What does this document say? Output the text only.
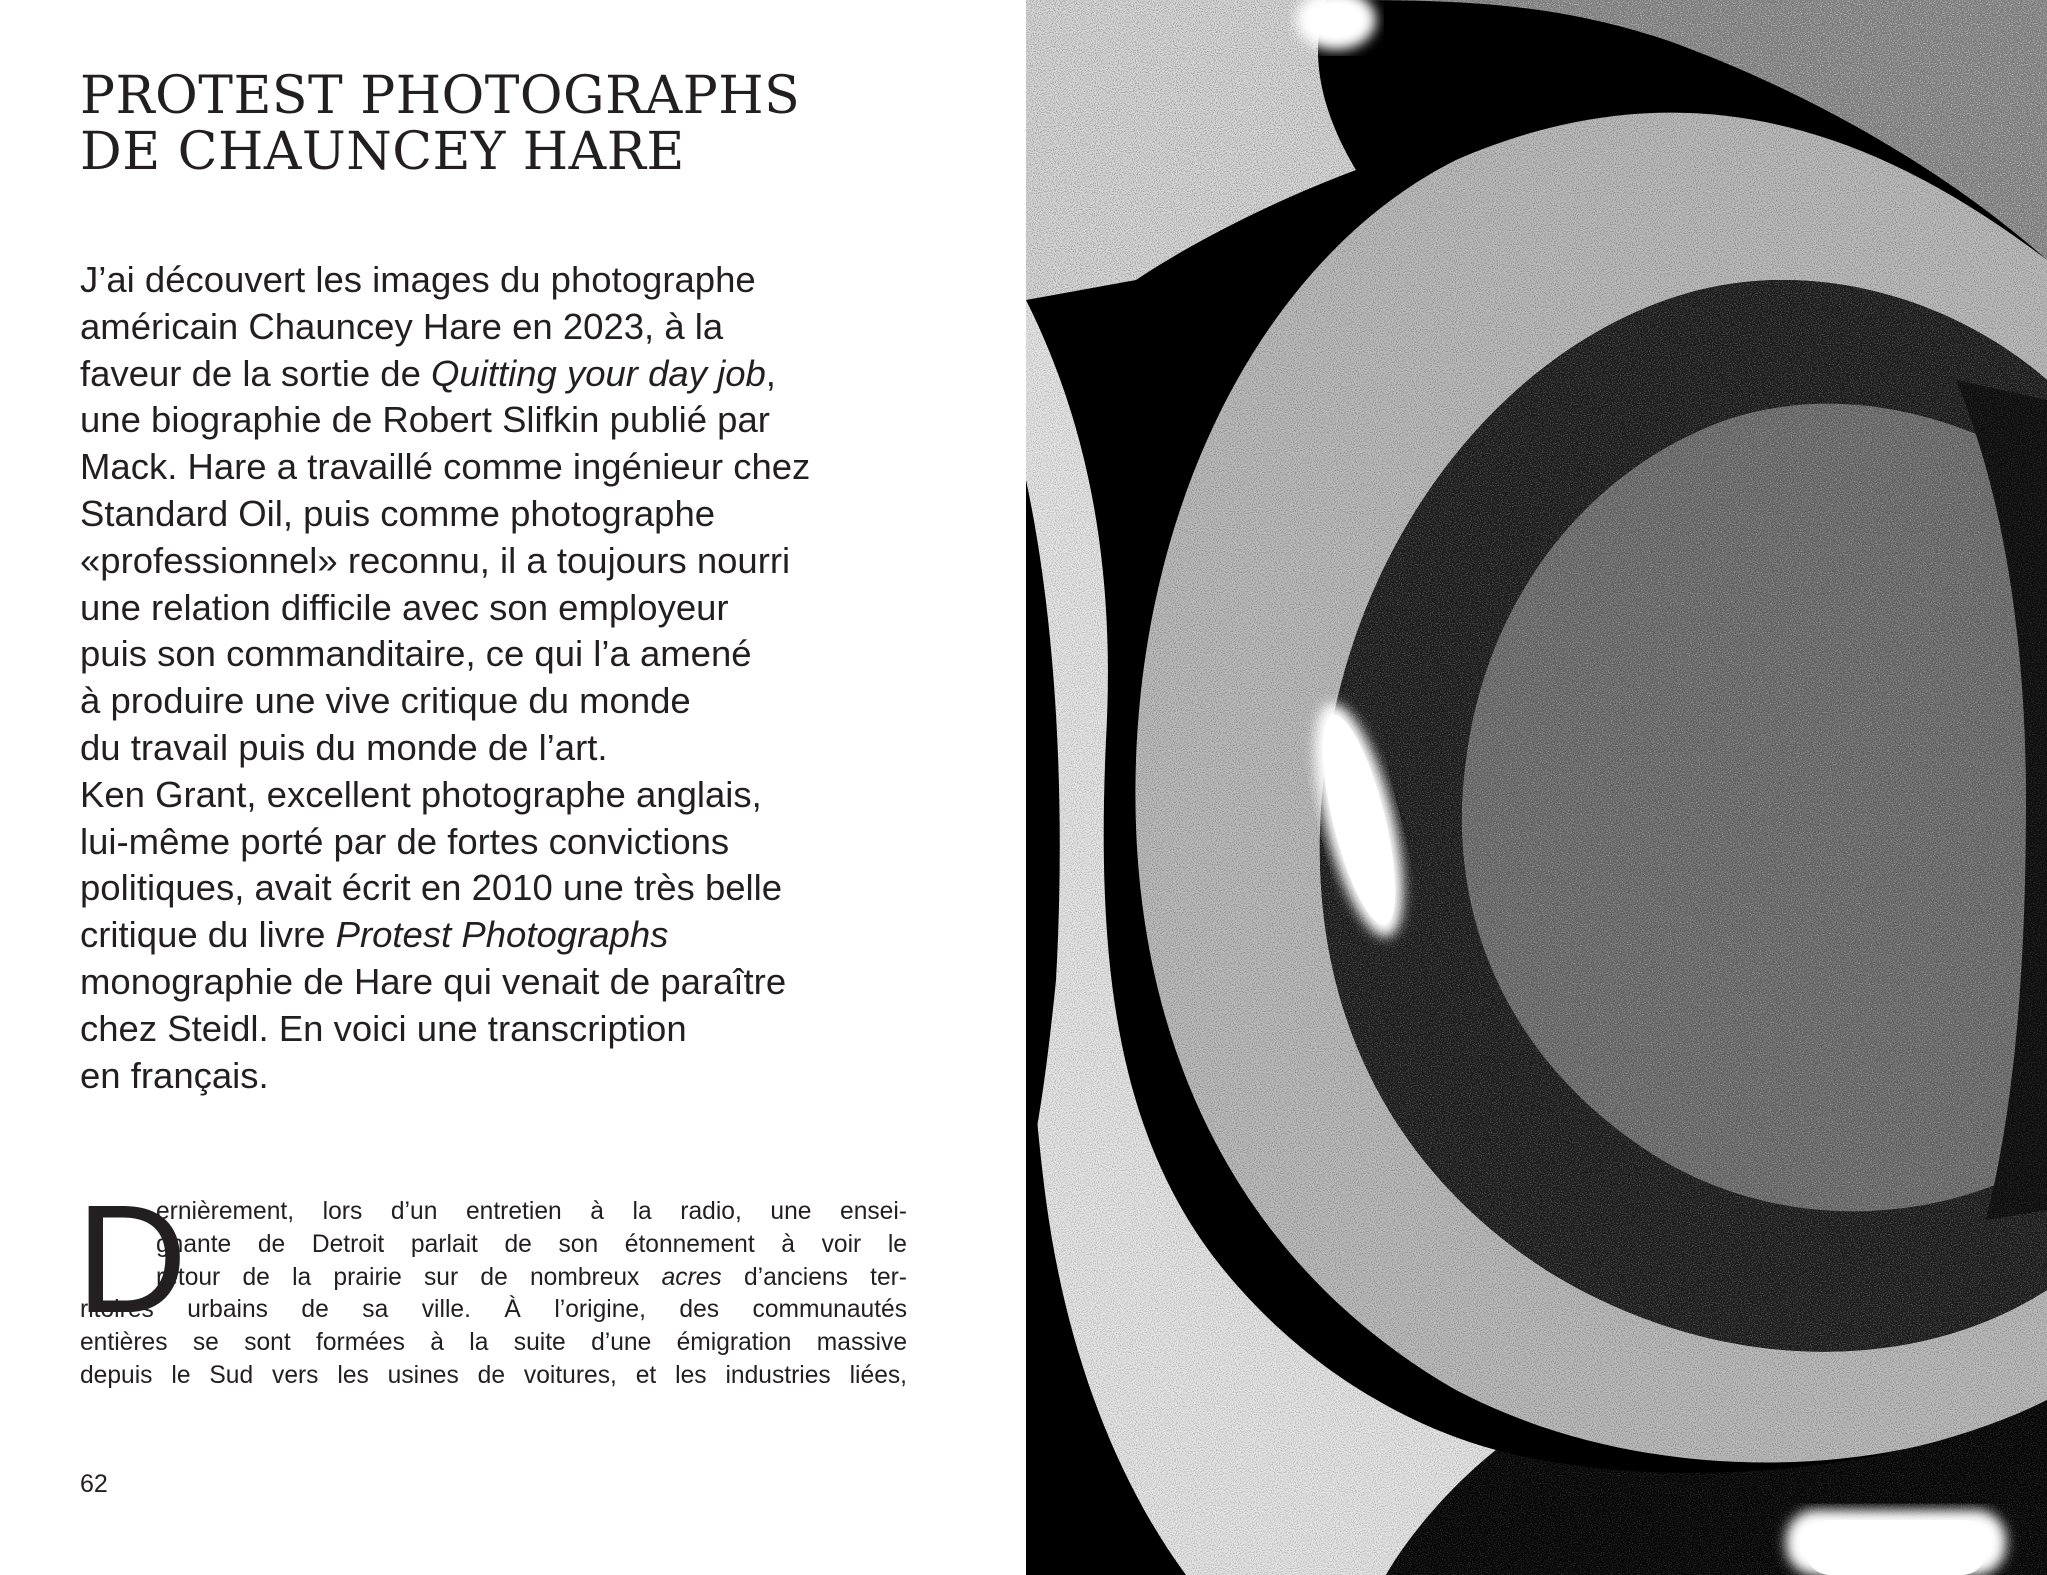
PROTEST PHOTOGRAPHS
DE CHAUNCEY HARE

J’ai découvert les images du photographe
américain Chauncey Hare en 2023, à la
faveur de la sortie de Quitting your day job,
une biographie de Robert Slifkin publié par
Mack. Hare a travaillé comme ingénieur chez
Standard Oil, puis comme photographe
«professionnel» reconnu, il a toujours nourri
une relation difficile avec son employeur
puis son commanditaire, ce qui l’a amené
à produire une vive critique du monde
du travail puis du monde de l’art.
Ken Grant, excellent photographe anglais,
lui-même porté par de fortes convictions
politiques, avait écrit en 2010 une très belle
critique du livre Protest Photographs
monographie de Hare qui venait de paraître
chez Steidl. En voici une transcription
en français.

D
ernièrement, lors d’un entretien à la radio, une ensei-
gnante de Detroit parlait de son étonnement à voir le
retour de la prairie sur de nombreux acres d’anciens ter-
ritoires urbains de sa ville. À l’origine, des communautés
entières se sont formées à la suite d’une émigration massive
depuis le Sud vers les usines de voitures, et les industries liées,
62
